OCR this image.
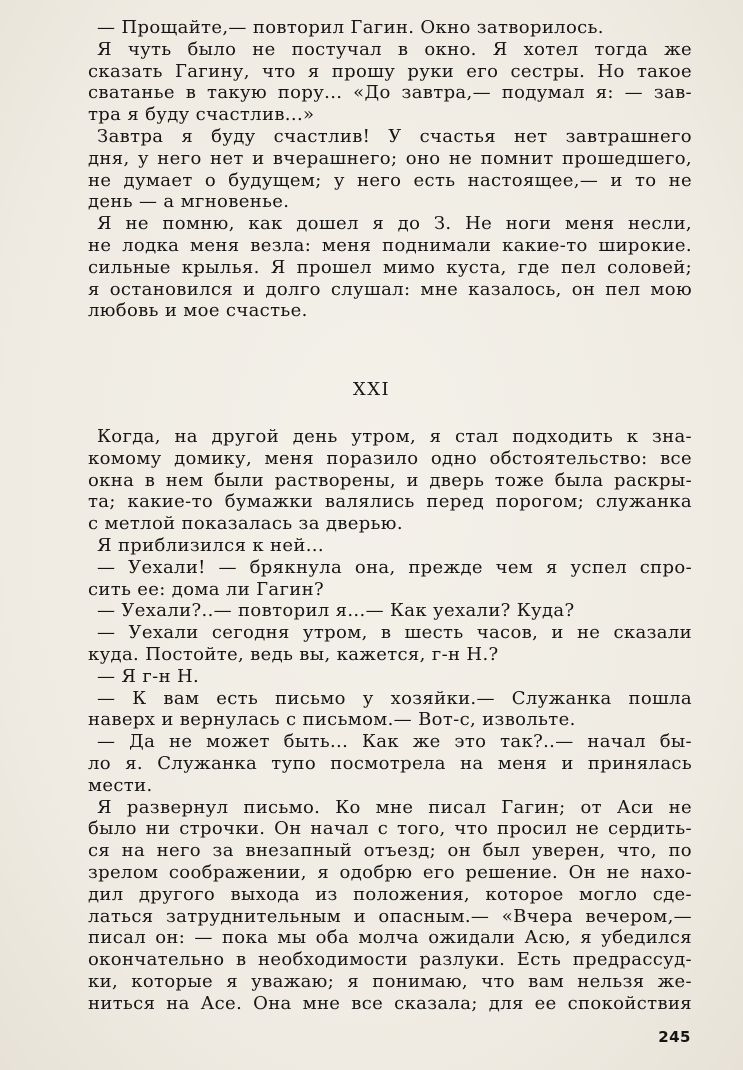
— Прощайте,— повторил Гагин. Окно затворилось.
Я чуть было не постучал в окно. Я хотел тогда же
сказать Гагину, что я прошу руки его сестры. Но такое
сватанье в такую пору... «До завтра,— подумал я: — зав-
тра я буду счастлив...»
Завтра я буду счастлив! У счастья нет завтрашнего
дня, у него нет и вчерашнего; оно не помнит прошедшего,
не думает о будущем; у него есть настоящее,— и то не
день — а мгновенье.
Я не помню, как дошел я до З. Не ноги меня несли,
не лодка меня везла: меня поднимали какие-то широкие.
сильные крылья. Я прошел мимо куста, где пел соловей;
я остановился и долго слушал: мне казалось, он пел мою
любовь и мое счастье.
XXI
Когда, на другой день утром, я стал подходить к зна-
комому домику, меня поразило одно обстоятельство: все
окна в нем были растворены, и дверь тоже была раскры-
та; какие-то бумажки валялись перед порогом; служанка
с метлой показалась за дверью.
Я приблизился к ней...
— Уехали! — брякнула она, прежде чем я успел спро-
сить ее: дома ли Гагин?
— Уехали?..— повторил я...— Как уехали? Куда?
— Уехали сегодня утром, в шесть часов, и не сказали
куда. Постойте, ведь вы, кажется, г-н Н.?
— Я г-н Н.
— К вам есть письмо у хозяйки.— Служанка пошла
наверх и вернулась с письмом.— Вот-с, извольте.
— Да не может быть... Как же это так?..— начал бы-
ло я. Служанка тупо посмотрела на меня и принялась
мести.
Я развернул письмо. Ко мне писал Гагин; от Аси не
было ни строчки. Он начал с того, что просил не сердить-
ся на него за внезапный отъезд; он был уверен, что, по
зрелом соображении, я одобрю его решение. Он не нахо-
дил другого выхода из положения, которое могло сде-
латься затруднительным и опасным.— «Вчера вечером,—
писал он: — пока мы оба молча ожидали Асю, я убедился
окончательно в необходимости разлуки. Есть предрассуд-
ки, которые я уважаю; я понимаю, что вам нельзя же-
ниться на Асе. Она мне все сказала; для ее спокойствия
245
